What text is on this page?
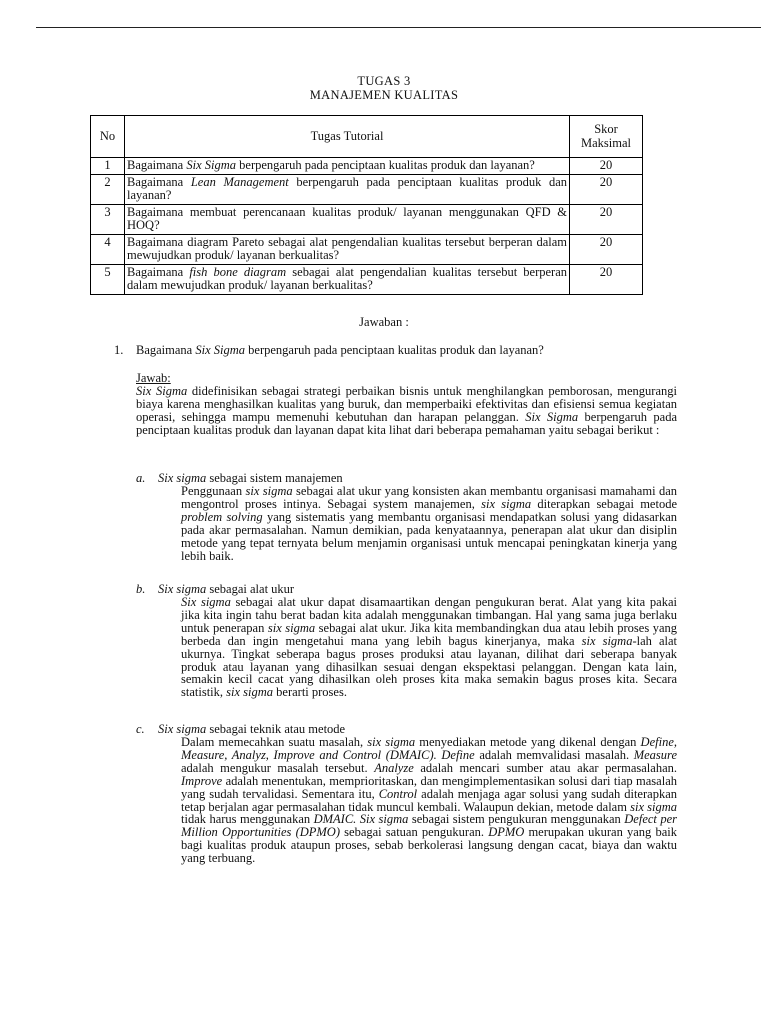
TUGAS 3
MANAJEMEN KUALITAS
No	Tugas Tutorial	Skor Maksimal
1	Bagaimana Six Sigma berpengaruh pada penciptaan kualitas produk dan layanan?	20
2	Bagaimana Lean Management berpengaruh pada penciptaan kualitas produk dan layanan?	20
3	Bagaimana membuat perencanaan kualitas produk/ layanan menggunakan QFD & HOQ?	20
4	Bagaimana diagram Pareto sebagai alat pengendalian kualitas tersebut berperan dalam mewujudkan produk/ layanan berkualitas?	20
5	Bagaimana fish bone diagram sebagai alat pengendalian kualitas tersebut berperan dalam mewujudkan produk/ layanan berkualitas?	20
Jawaban :
1. Bagaimana Six Sigma berpengaruh pada penciptaan kualitas produk dan layanan?
Jawab:
Six Sigma didefinisikan sebagai strategi perbaikan bisnis untuk menghilangkan pemborosan, mengurangi biaya karena menghasilkan kualitas yang buruk, dan memperbaiki efektivitas dan efisiensi semua kegiatan operasi, sehingga mampu memenuhi kebutuhan dan harapan pelanggan. Six Sigma berpengaruh pada penciptaan kualitas produk dan layanan dapat kita lihat dari beberapa pemahaman yaitu sebagai berikut :
a. Six sigma sebagai sistem manajemen
Penggunaan six sigma sebagai alat ukur yang konsisten akan membantu organisasi mamahami dan mengontrol proses intinya. Sebagai system manajemen, six sigma diterapkan sebagai metode problem solving yang sistematis yang membantu organisasi mendapatkan solusi yang didasarkan pada akar permasalahan. Namun demikian, pada kenyataannya, penerapan alat ukur dan disiplin metode yang tepat ternyata belum menjamin organisasi untuk mencapai peningkatan kinerja yang lebih baik.
b. Six sigma sebagai alat ukur
Six sigma sebagai alat ukur dapat disamaartikan dengan pengukuran berat. Alat yang kita pakai jika kita ingin tahu berat badan kita adalah menggunakan timbangan. Hal yang sama juga berlaku untuk penerapan six sigma sebagai alat ukur. Jika kita membandingkan dua atau lebih proses yang berbeda dan ingin mengetahui mana yang lebih bagus kinerjanya, maka six sigma-lah alat ukurnya. Tingkat seberapa bagus proses produksi atau layanan, dilihat dari seberapa banyak produk atau layanan yang dihasilkan sesuai dengan ekspektasi pelanggan. Dengan kata lain, semakin kecil cacat yang dihasilkan oleh proses kita maka semakin bagus proses kita. Secara statistik, six sigma berarti proses.
c. Six sigma sebagai teknik atau metode
Dalam memecahkan suatu masalah, six sigma menyediakan metode yang dikenal dengan Define, Measure, Analyz, Improve and Control (DMAIC). Define adalah memvalidasi masalah. Measure adalah mengukur masalah tersebut. Analyze adalah mencari sumber atau akar permasalahan. Improve adalah menentukan, memprioritaskan, dan mengimplementasikan solusi dari tiap masalah yang sudah tervalidasi. Sementara itu, Control adalah menjaga agar solusi yang sudah diterapkan tetap berjalan agar permasalahan tidak muncul kembali. Walaupun dekian, metode dalam six sigma tidak harus menggunakan DMAIC. Six sigma sebagai sistem pengukuran menggunakan Defect per Million Opportunities (DPMO) sebagai satuan pengukuran. DPMO merupakan ukuran yang baik bagi kualitas produk ataupun proses, sebab berkolerasi langsung dengan cacat, biaya dan waktu yang terbuang.
